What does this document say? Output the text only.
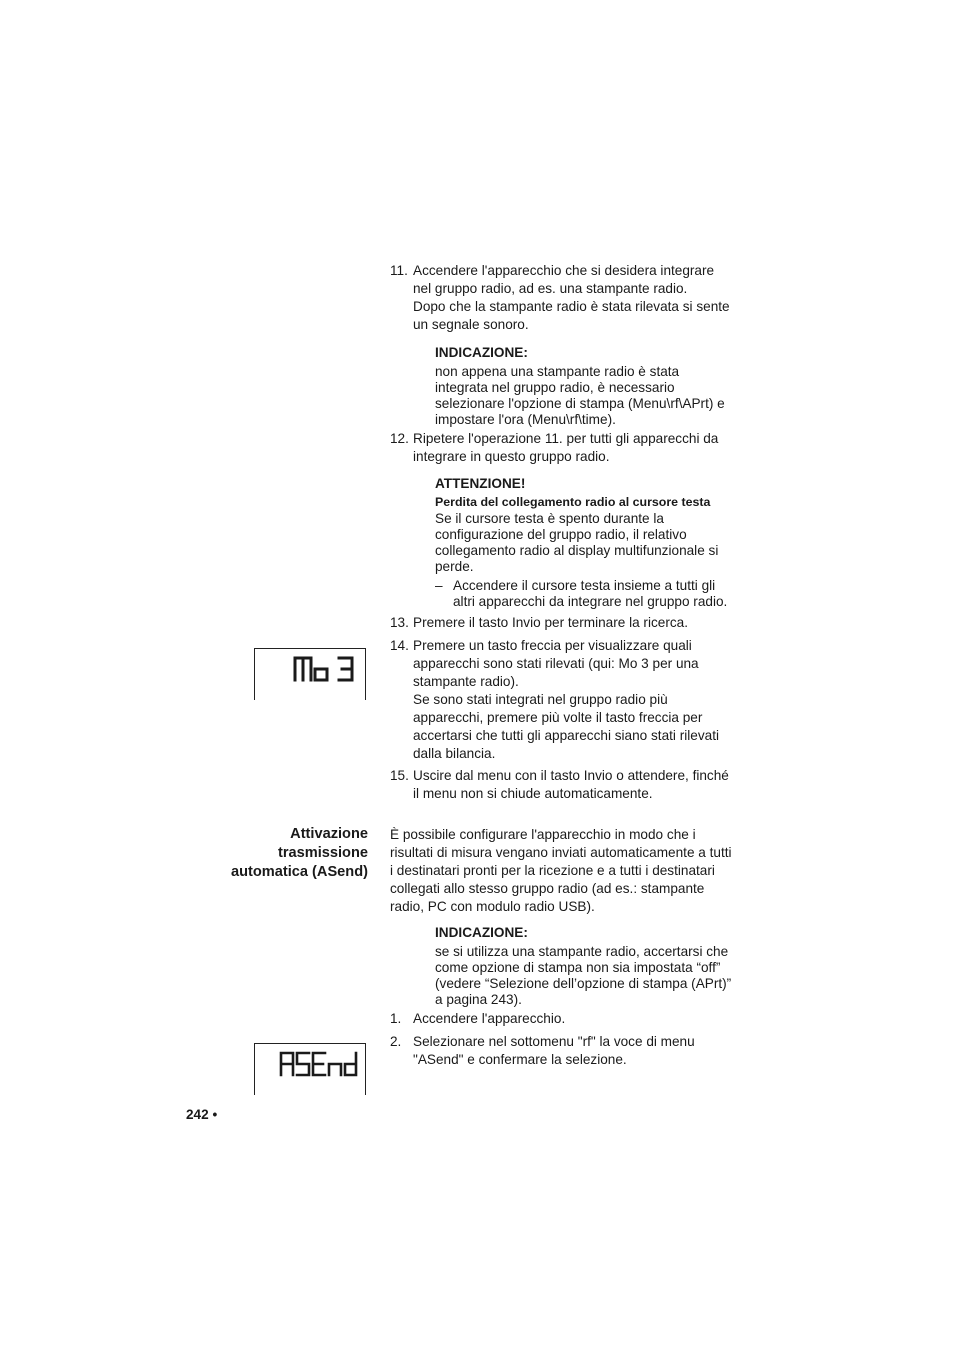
11. Accendere l'apparecchio che si desidera integrare nel gruppo radio, ad es. una stampante radio.

Dopo che la stampante radio è stata rilevata si sente un segnale sonoro.

INDICAZIONE:
non appena una stampante radio è stata integrata nel gruppo radio, è necessario selezionare l'opzione di stampa (Menu\rf\APrt) e impostare l'ora (Menu\rf\time).
12. Ripetere l'operazione 11. per tutti gli apparecchi da integrare in questo gruppo radio.

ATTENZIONE!
Perdita del collegamento radio al cursore testa
Se il cursore testa è spento durante la configurazione del gruppo radio, il relativo collegamento radio al display multifunzionale si perde.
– Accendere il cursore testa insieme a tutti gli altri apparecchi da integrare nel gruppo radio.
13. Premere il tasto Invio per terminare la ricerca.

14. Premere un tasto freccia per visualizzare quali apparecchi sono stati rilevati (qui: Mo 3 per una stampante radio).

Se sono stati integrati nel gruppo radio più apparecchi, premere più volte il tasto freccia per accertarsi che tutti gli apparecchi siano stati rilevati dalla bilancia.

15. Uscire dal menu con il tasto Invio o attendere, finché il menu non si chiude automaticamente.

Attivazione
trasmissione
automatica (ASend)
È possibile configurare l'apparecchio in modo che i risultati di misura vengano inviati automaticamente a tutti i destinatari pronti per la ricezione e a tutti i destinatari collegati allo stesso gruppo radio (ad es.: stampante radio, PC con modulo radio USB).
INDICAZIONE:
se si utilizza una stampante radio, accertarsi che come opzione di stampa non sia impostata “off” (vedere “Selezione dell’opzione di stampa (APrt)” a pagina 243).
1. Accendere l'apparecchio.

2. Selezionare nel sottomenu "rf" la voce di menu "ASend" e confermare la selezione.

242 •
